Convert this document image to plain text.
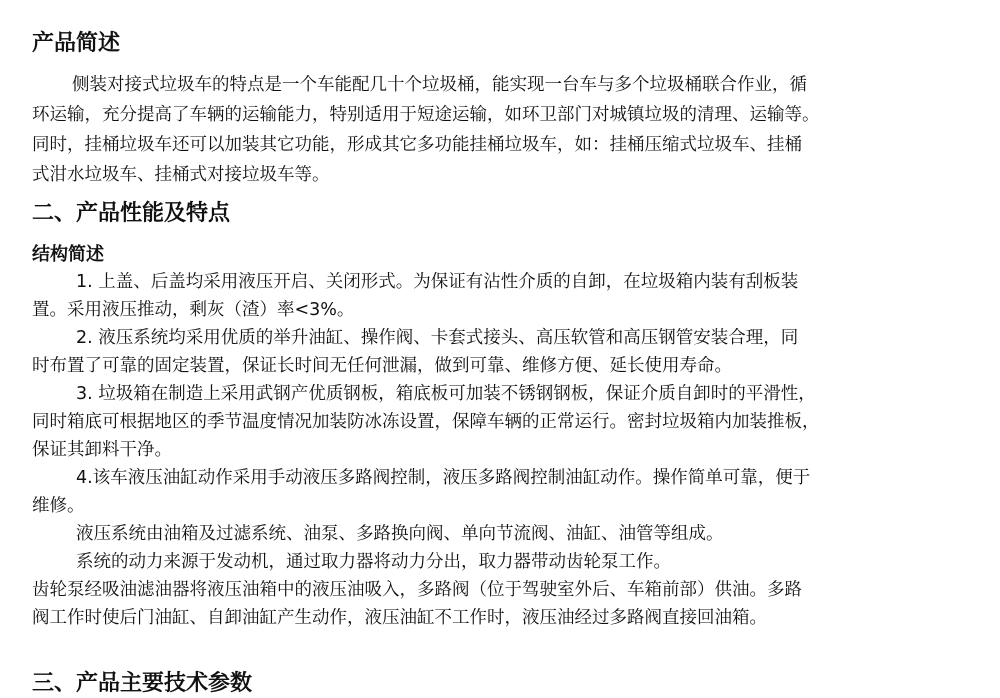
产品简述
侧装对接式垃圾车的特点是一个车能配几十个垃圾桶，能实现一台车与多个垃圾桶联合作业，循
环运输，充分提高了车辆的运输能力，特别适用于短途运输，如环卫部门对城镇垃圾的清理、运输等。
同时，挂桶垃圾车还可以加装其它功能，形成其它多功能挂桶垃圾车，如：挂桶压缩式垃圾车、挂桶
式泔水垃圾车、挂桶式对接垃圾车等。
二、产品性能及特点
结构简述
1. 上盖、后盖均采用液压开启、关闭形式。为保证有沾性介质的自卸，在垃圾箱内装有刮板装
置。采用液压推动，剩灰（渣）率<3%。
2. 液压系统均采用优质的举升油缸、操作阀、卡套式接头、高压软管和高压钢管安装合理，同
时布置了可靠的固定装置，保证长时间无任何泄漏，做到可靠、维修方便、延长使用寿命。
3. 垃圾箱在制造上采用武钢产优质钢板，箱底板可加装不锈钢钢板，保证介质自卸时的平滑性，
同时箱底可根据地区的季节温度情况加装防冰冻设置，保障车辆的正常运行。密封垃圾箱内加装推板，
保证其卸料干净。
4.该车液压油缸动作采用手动液压多路阀控制，液压多路阀控制油缸动作。操作简单可靠，便于
维修。
液压系统由油箱及过滤系统、油泵、多路换向阀、单向节流阀、油缸、油管等组成。
系统的动力来源于发动机，通过取力器将动力分出，取力器带动齿轮泵工作。
齿轮泵经吸油滤油器将液压油箱中的液压油吸入，多路阀（位于驾驶室外后、车箱前部）供油。多路
阀工作时使后门油缸、自卸油缸产生动作，液压油缸不工作时，液压油经过多路阀直接回油箱。
三、产品主要技术参数
